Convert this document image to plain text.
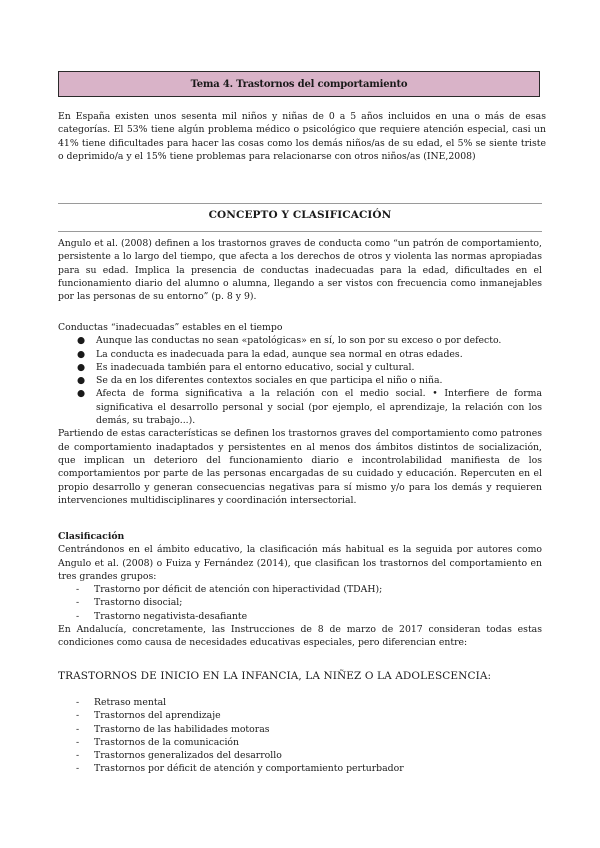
Tema 4. Trastornos del comportamiento
En España existen unos sesenta mil niños y niñas de 0 a 5 años incluidos en una o más de esas categorías. El 53% tiene algún problema médico o psicológico que requiere atención especial, casi un 41% tiene dificultades para hacer las cosas como los demás niños/as de su edad, el 5% se siente triste o deprimido/a y el 15% tiene problemas para relacionarse con otros niños/as (INE,2008)
CONCEPTO Y CLASIFICACIÓN
Angulo et al. (2008) definen a los trastornos graves de conducta como “un patrón de comportamiento, persistente a lo largo del tiempo, que afecta a los derechos de otros y violenta las normas apropiadas para su edad. Implica la presencia de conductas inadecuadas para la edad, dificultades en el funcionamiento diario del alumno o alumna, llegando a ser vistos con frecuencia como inmanejables por las personas de su entorno” (p. 8 y 9).
Conductas “inadecuadas” estables en el tiempo
● Aunque las conductas no sean «patológicas» en sí, lo son por su exceso o por defecto.
● La conducta es inadecuada para la edad, aunque sea normal en otras edades.
● Es inadecuada también para el entorno educativo, social y cultural.
● Se da en los diferentes contextos sociales en que participa el niño o niña.
● Afecta de forma significativa a la relación con el medio social. • Interfiere de forma significativa el desarrollo personal y social (por ejemplo, el aprendizaje, la relación con los demás, su trabajo...).
Partiendo de estas características se definen los trastornos graves del comportamiento como patrones de comportamiento inadaptados y persistentes en al menos dos ámbitos distintos de socialización, que implican un deterioro del funcionamiento diario e incontrolabilidad manifiesta de los comportamientos por parte de las personas encargadas de su cuidado y educación. Repercuten en el propio desarrollo y generan consecuencias negativas para sí mismo y/o para los demás y requieren intervenciones multidisciplinares y coordinación intersectorial.
Clasificación
Centrándonos en el ámbito educativo, la clasificación más habitual es la seguida por autores como Angulo et al. (2008) o Fuiza y Fernández (2014), que clasifican los trastornos del comportamiento en tres grandes grupos:
- Trastorno por déficit de atención con hiperactividad (TDAH);
- Trastorno disocial;
- Trastorno negativista-desafiante
En Andalucía, concretamente, las Instrucciones de 8 de marzo de 2017 consideran todas estas condiciones como causa de necesidades educativas especiales, pero diferencian entre:
TRASTORNOS DE INICIO EN LA INFANCIA, LA NIÑEZ O LA ADOLESCENCIA:
- Retraso mental
- Trastornos del aprendizaje
- Trastorno de las habilidades motoras
- Trastornos de la comunicación
- Trastornos generalizados del desarrollo
- Trastornos por déficit de atención y comportamiento perturbador
